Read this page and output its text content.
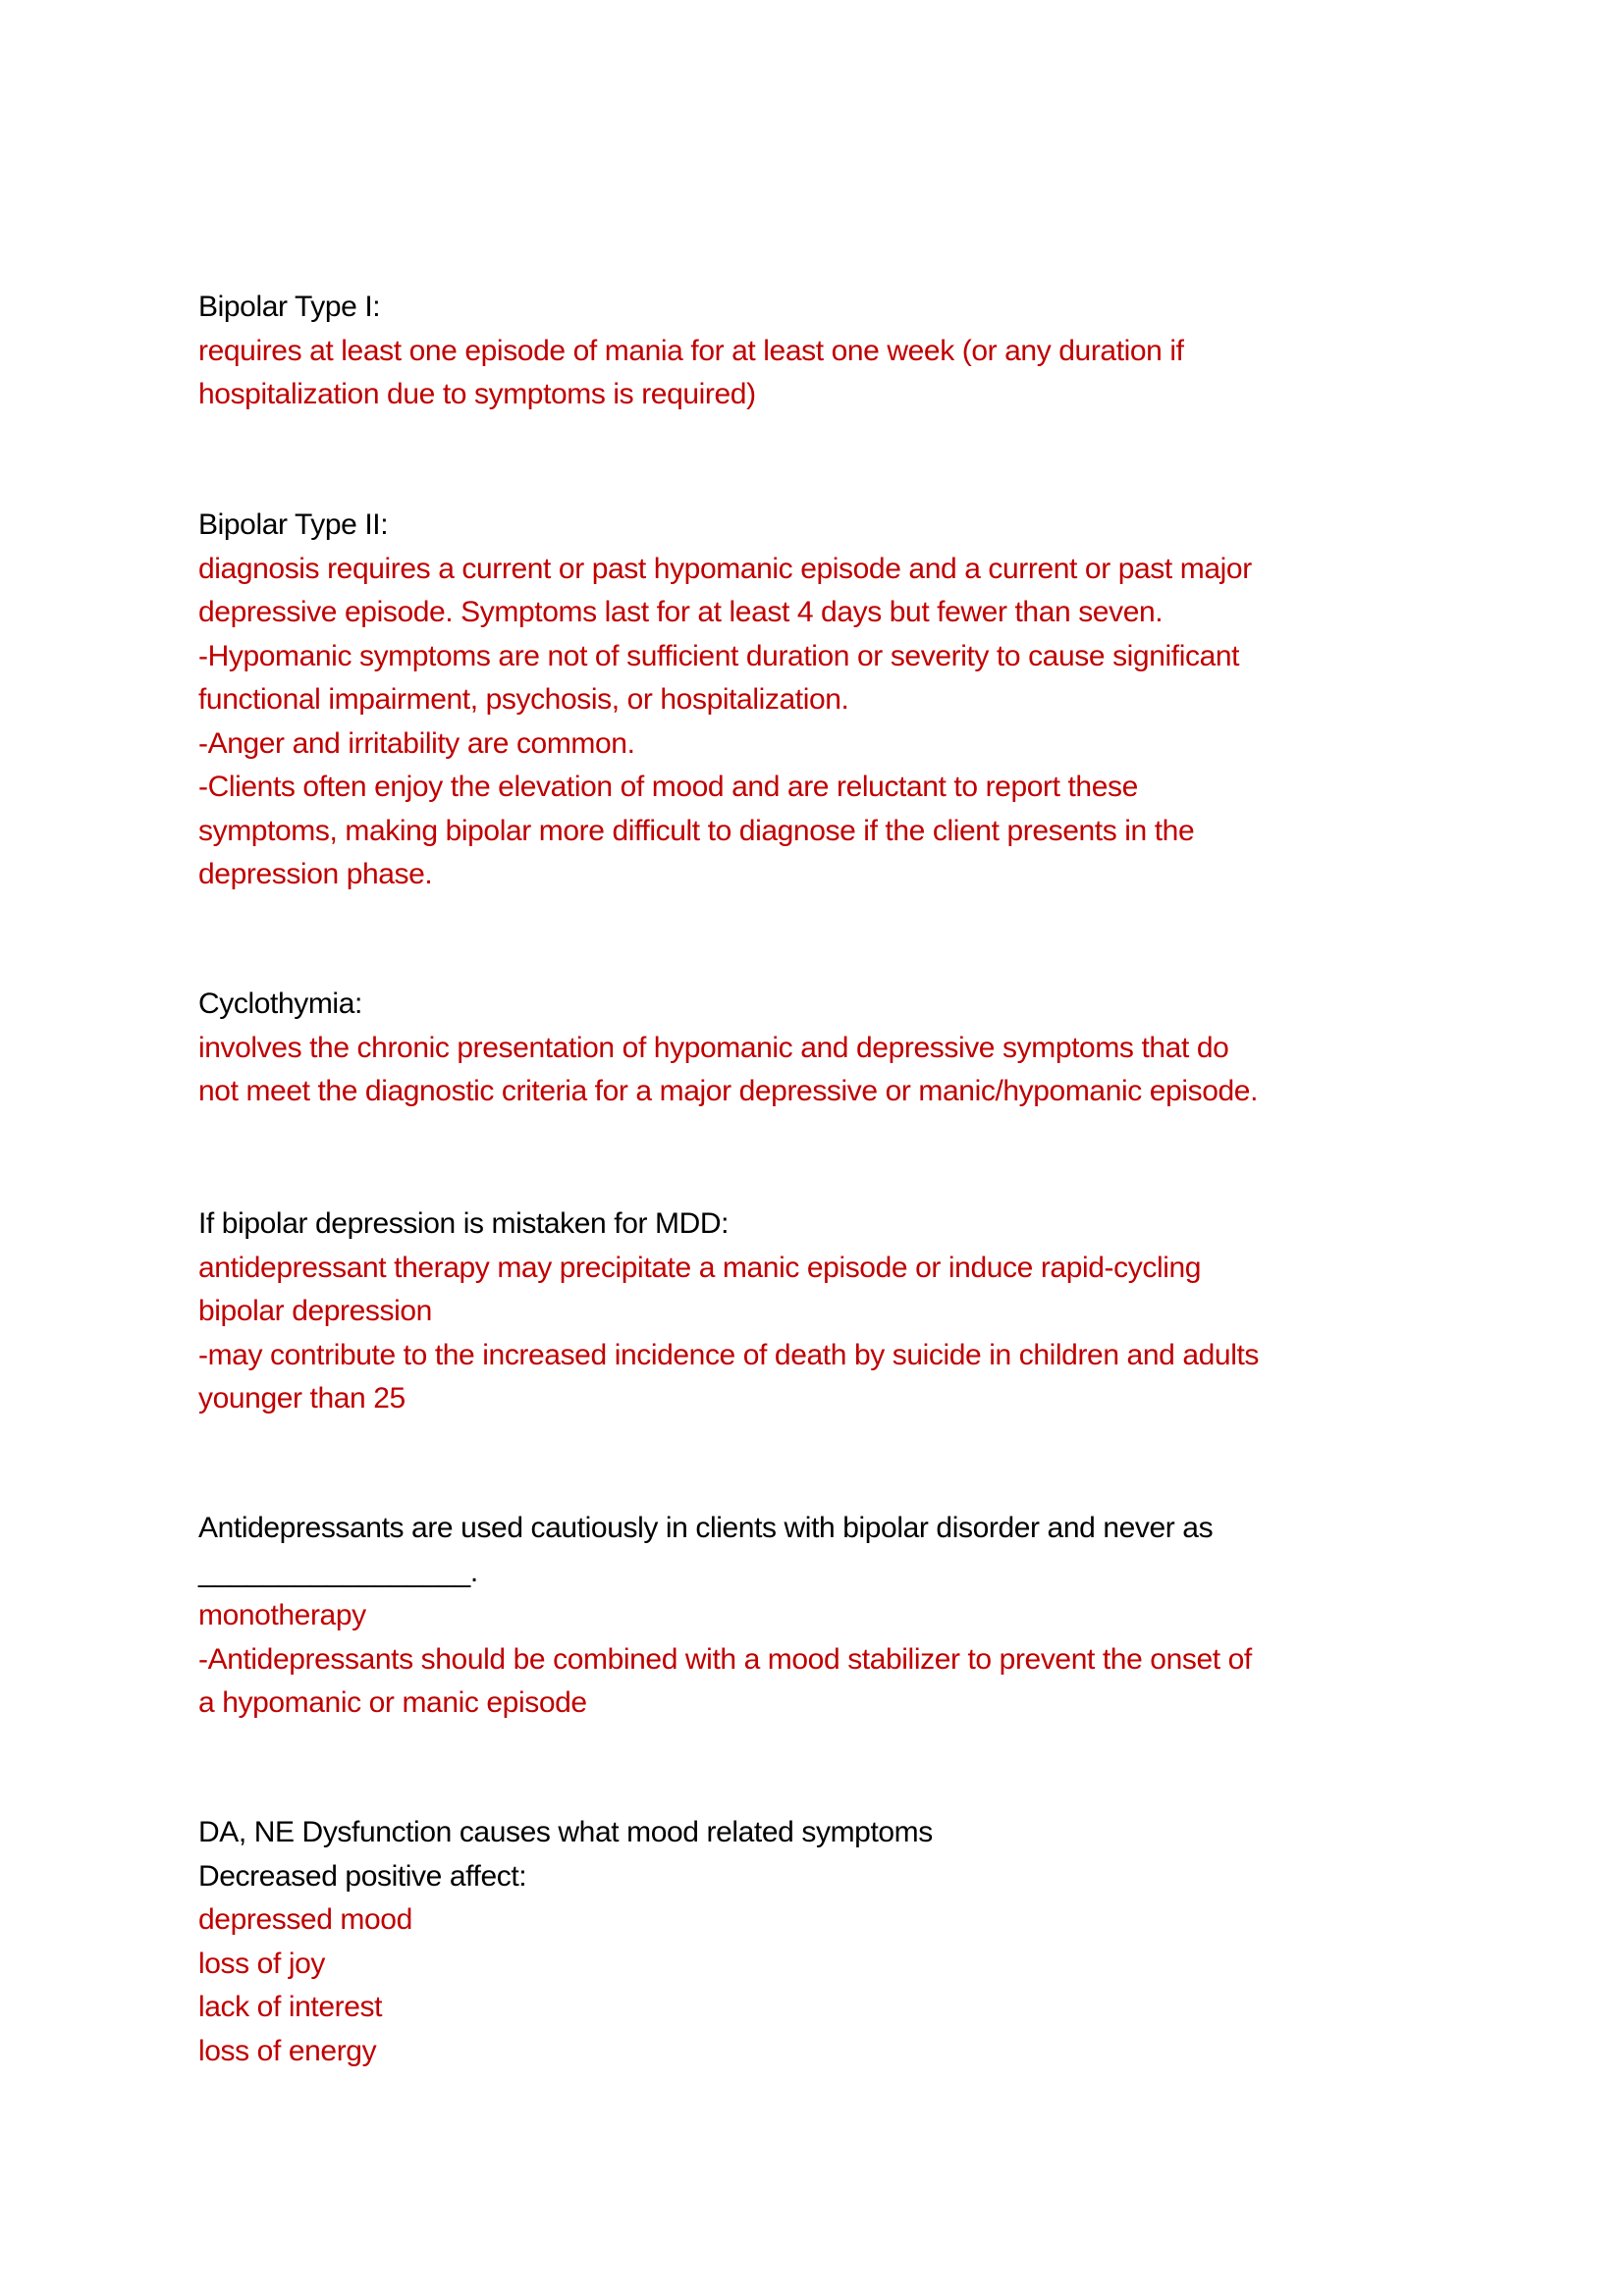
Bipolar Type I:
requires at least one episode of mania for at least one week (or any duration if
hospitalization due to symptoms is required)
Bipolar Type II:
diagnosis requires a current or past hypomanic episode and a current or past major
depressive episode. Symptoms last for at least 4 days but fewer than seven.
-Hypomanic symptoms are not of sufficient duration or severity to cause significant
functional impairment, psychosis, or hospitalization.
-Anger and irritability are common.
-Clients often enjoy the elevation of mood and are reluctant to report these
symptoms, making bipolar more difficult to diagnose if the client presents in the
depression phase.
Cyclothymia:
involves the chronic presentation of hypomanic and depressive symptoms that do
not meet the diagnostic criteria for a major depressive or manic/hypomanic episode.
If bipolar depression is mistaken for MDD:
antidepressant therapy may precipitate a manic episode or induce rapid-cycling
bipolar depression
-may contribute to the increased incidence of death by suicide in children and adults
younger than 25
Antidepressants are used cautiously in clients with bipolar disorder and never as
_________________.
monotherapy
-Antidepressants should be combined with a mood stabilizer to prevent the onset of
a hypomanic or manic episode
DA, NE Dysfunction causes what mood related symptoms
Decreased positive affect:
depressed mood
loss of joy
lack of interest
loss of energy
